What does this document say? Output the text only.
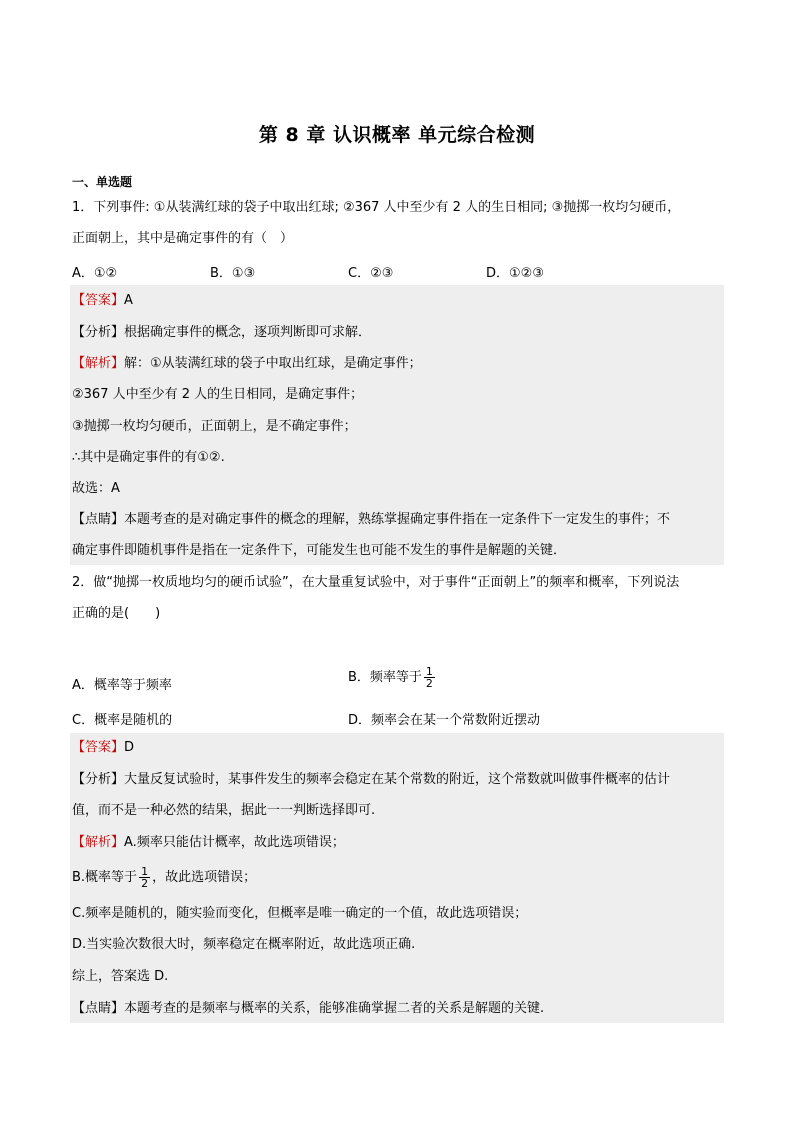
第 8 章 认识概率 单元综合检测
一、单选题
1．下列事件: ①从装满红球的袋子中取出红球; ②367 人中至少有 2 人的生日相同; ③抛掷一枚均匀硬币，
正面朝上，其中是确定事件的有（　）
A．①②	B．①③	C．②③	D．①②③
【答案】A
【分析】根据确定事件的概念，逐项判断即可求解．
【解析】解：①从装满红球的袋子中取出红球，是确定事件；
②367 人中至少有 2 人的生日相同，是确定事件；
③抛掷一枚均匀硬币，正面朝上，是不确定事件；
∴其中是确定事件的有①②.
故选：A
【点睛】本题考查的是对确定事件的概念的理解，熟练掌握确定事件指在一定条件下一定发生的事件；不
确定事件即随机事件是指在一定条件下，可能发生也可能不发生的事件是解题的关键．
2．做“抛掷一枚质地均匀的硬币试验”，在大量重复试验中，对于事件“正面朝上”的频率和概率，下列说法
正确的是(　　)
A．概率等于频率
B．频率等于 $\frac{1}{2}$
C．概率是随机的	D．频率会在某一个常数附近摆动
【答案】D
【分析】大量反复试验时，某事件发生的频率会稳定在某个常数的附近，这个常数就叫做事件概率的估计
值，而不是一种必然的结果，据此一一判断选择即可.
【解析】A.频率只能估计概率，故此选项错误；
B.概率等于 $\frac{1}{2}$ ，故此选项错误；
C.频率是随机的，随实验而变化，但概率是唯一确定的一个值，故此选项错误；
D.当实验次数很大时，频率稳定在概率附近，故此选项正确.
综上，答案选 D.
【点睛】本题考查的是频率与概率的关系，能够准确掌握二者的关系是解题的关键.
